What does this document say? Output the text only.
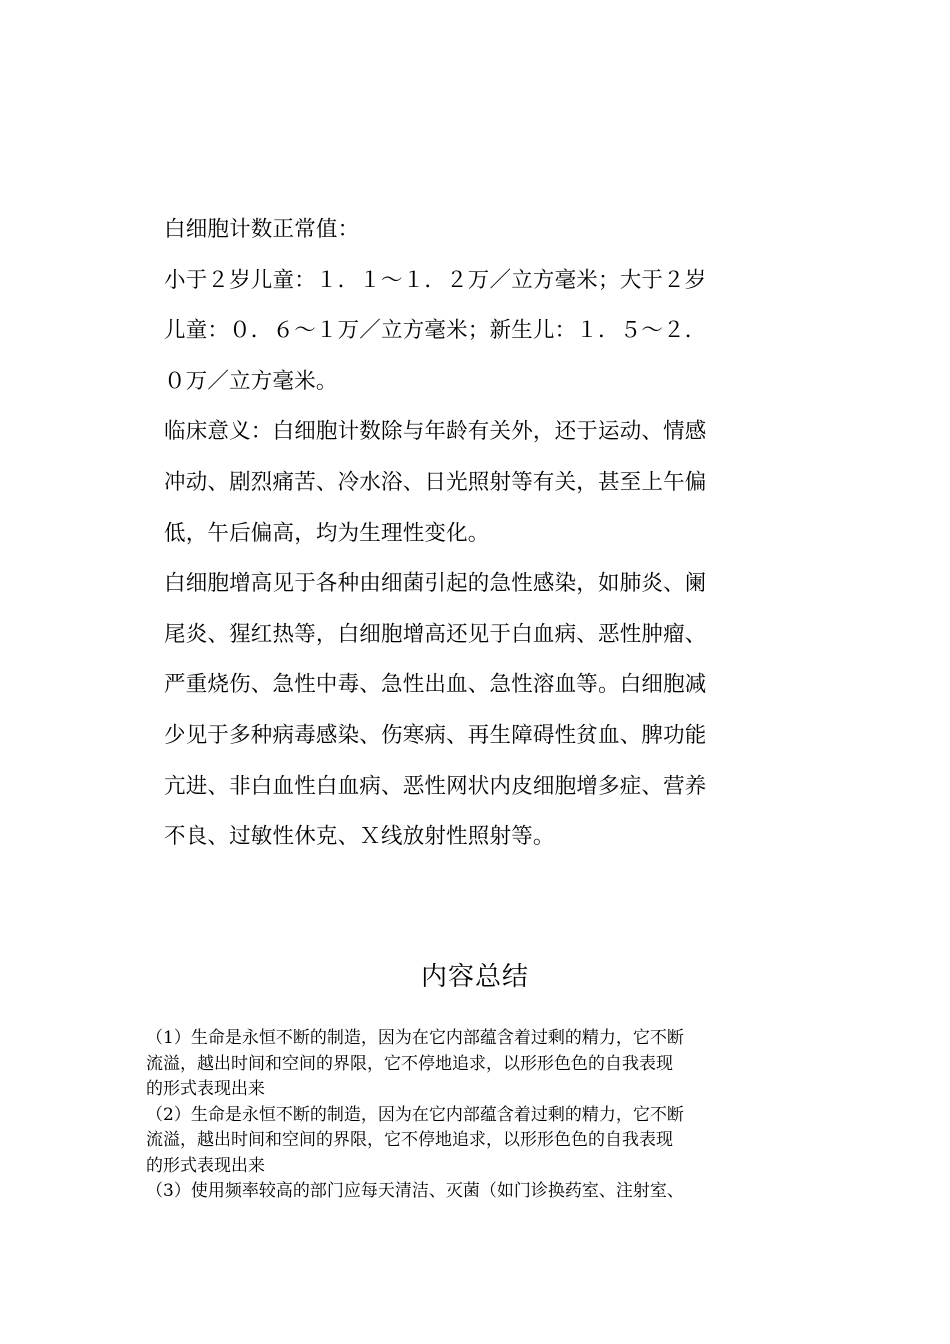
白细胞计数正常值：
小于２岁儿童：１．１～１．２万／立方毫米；大于２岁
儿童：０．６～１万／立方毫米；新生儿：１．５～２．
０万／立方毫米。
临床意义：白细胞计数除与年龄有关外，还于运动、情感
冲动、剧烈痛苦、冷水浴、日光照射等有关，甚至上午偏
低，午后偏高，均为生理性变化。
白细胞增高见于各种由细菌引起的急性感染，如肺炎、阑
尾炎、猩红热等，白细胞增高还见于白血病、恶性肿瘤、
严重烧伤、急性中毒、急性出血、急性溶血等。白细胞减
少见于多种病毒感染、伤寒病、再生障碍性贫血、脾功能
亢进、非白血性白血病、恶性网状内皮细胞增多症、营养
不良、过敏性休克、Ｘ线放射性照射等。
内容总结
（1）生命是永恒不断的制造，因为在它内部蕴含着过剩的精力，它不断
流溢，越出时间和空间的界限，它不停地追求，以形形色色的自我表现
的形式表现出来
（2）生命是永恒不断的制造，因为在它内部蕴含着过剩的精力，它不断
流溢，越出时间和空间的界限，它不停地追求，以形形色色的自我表现
的形式表现出来
（3）使用频率较高的部门应每天清洁、灭菌（如门诊换药室、注射室、
